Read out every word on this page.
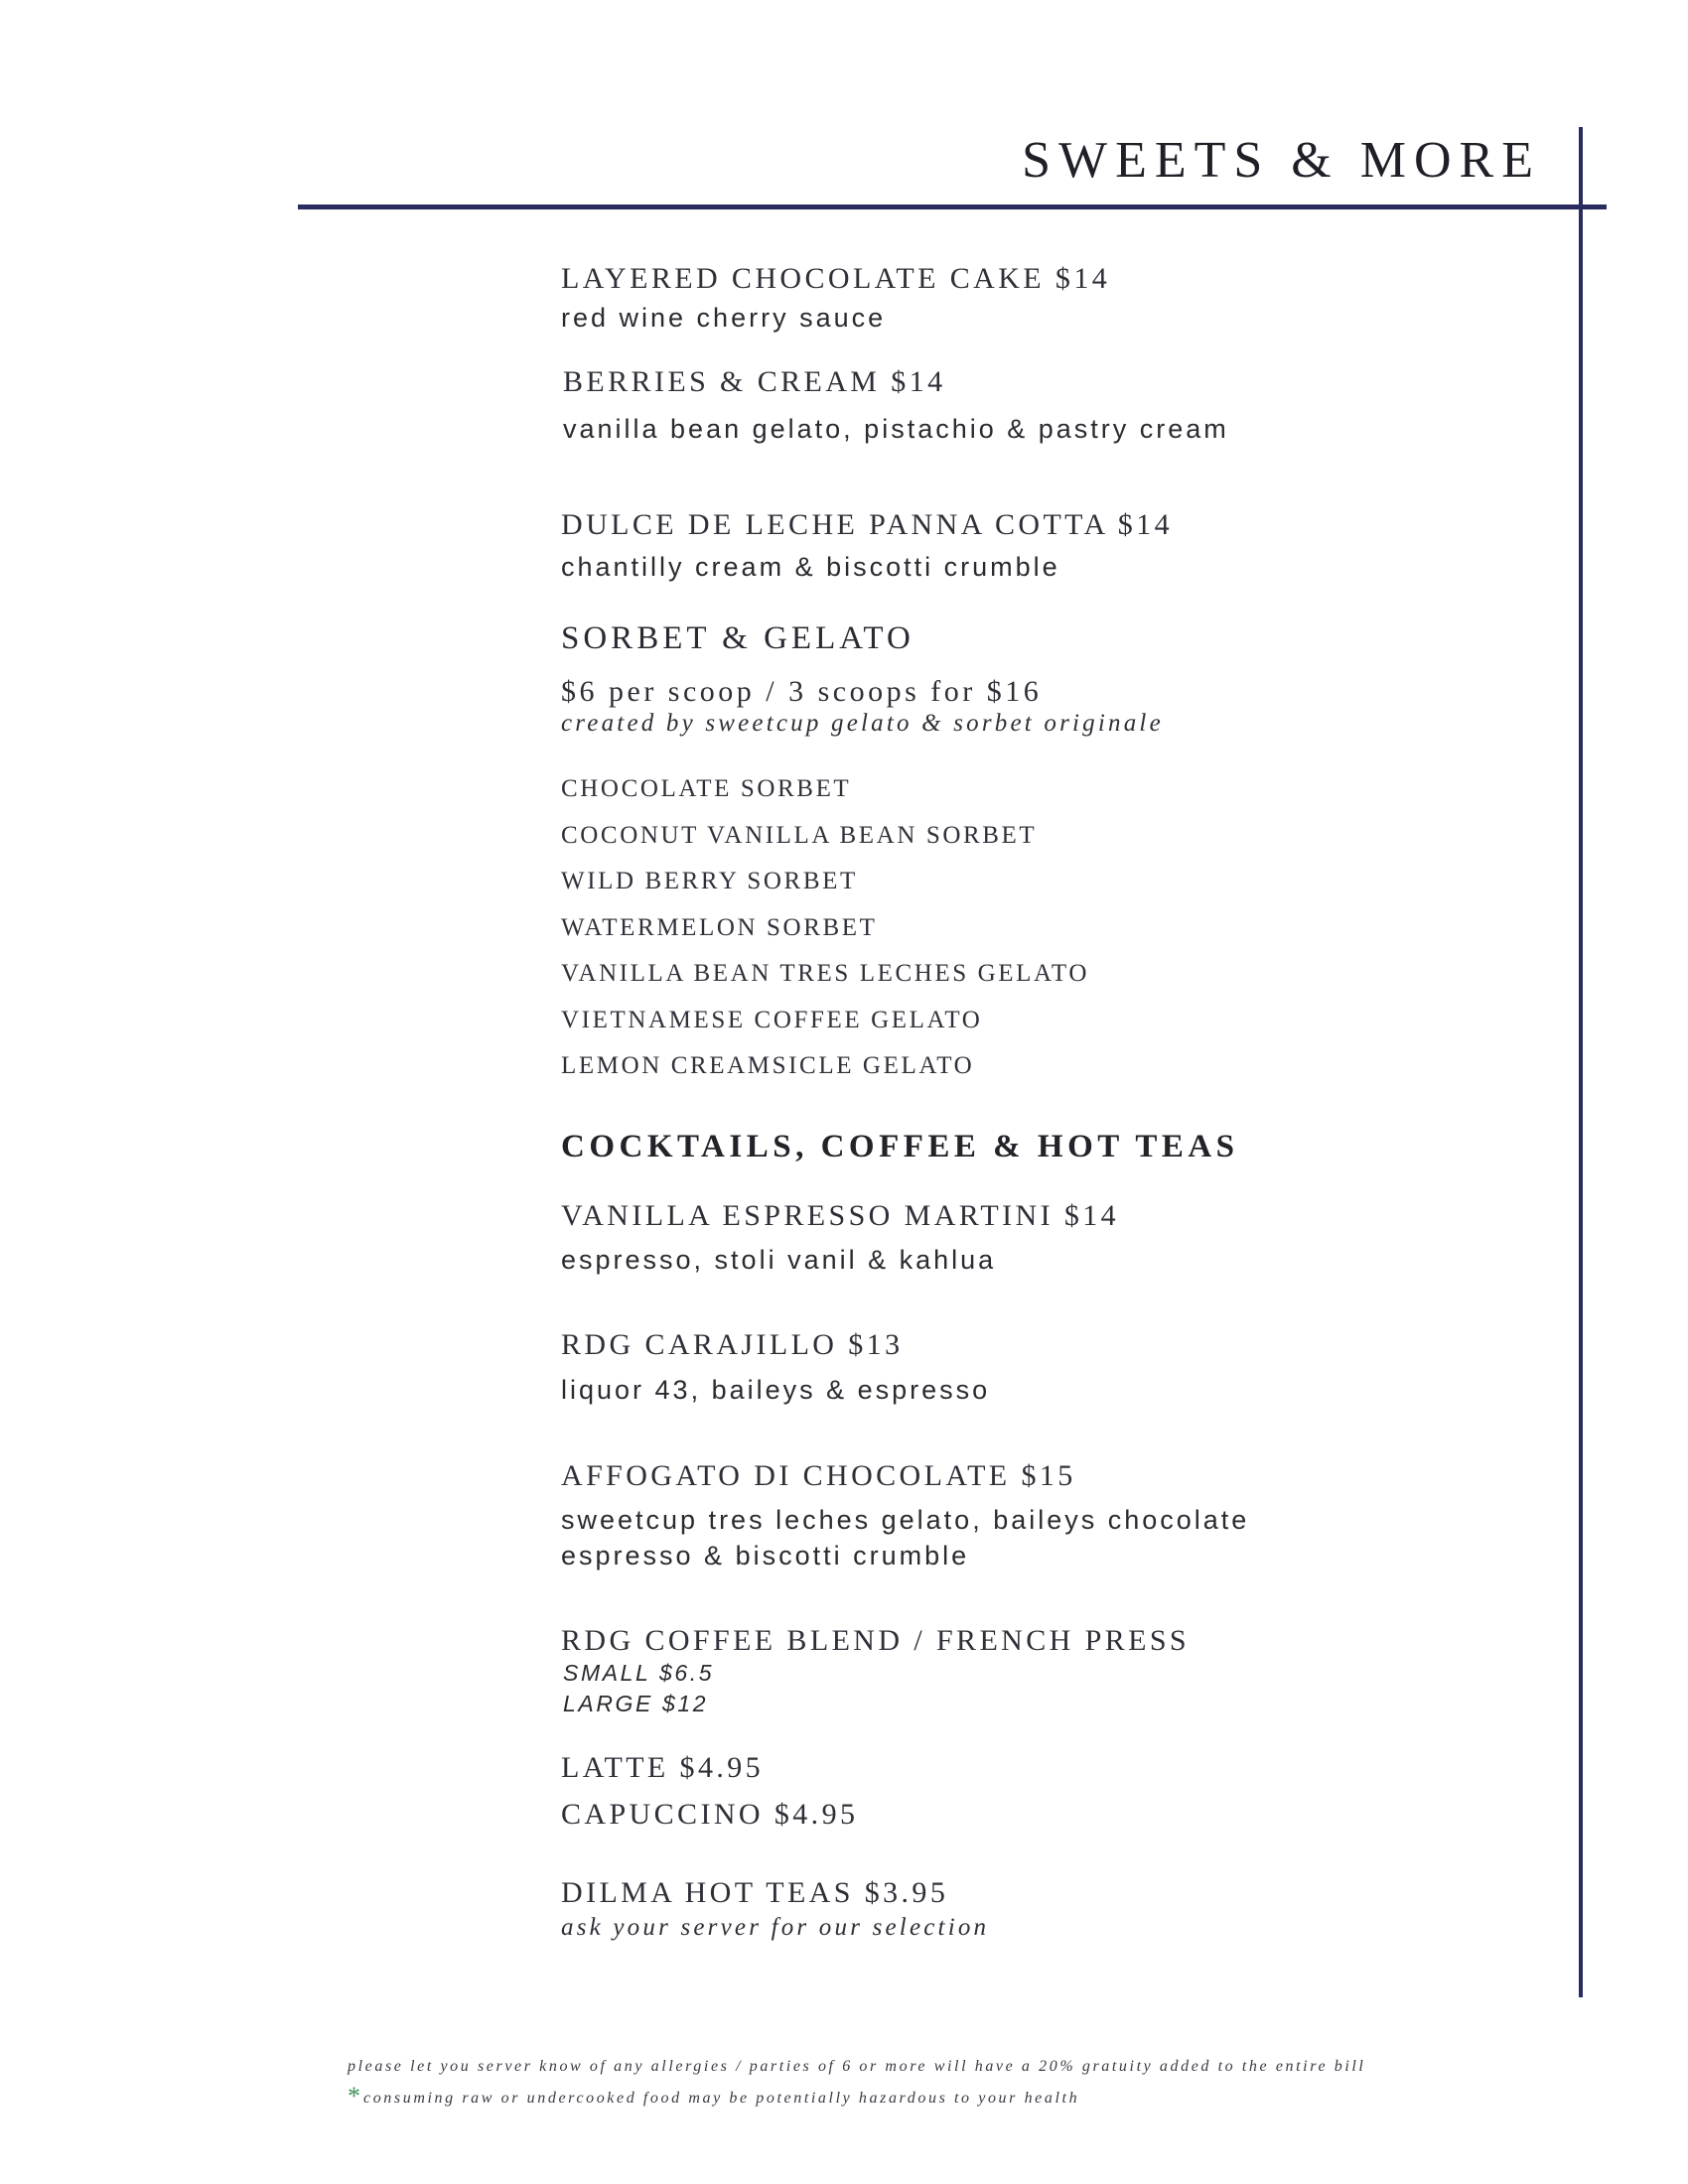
SWEETS & MORE
LAYERED CHOCOLATE CAKE $14
red wine cherry sauce
BERRIES & CREAM $14
vanilla bean gelato, pistachio & pastry cream
DULCE DE LECHE PANNA COTTA $14
chantilly cream & biscotti crumble
SORBET & GELATO
$6 per scoop / 3 scoops for $16
created by sweetcup gelato & sorbet originale
CHOCOLATE SORBET
COCONUT VANILLA BEAN SORBET
WILD BERRY SORBET
WATERMELON SORBET
VANILLA BEAN TRES LECHES GELATO
VIETNAMESE COFFEE GELATO
LEMON CREAMSICLE GELATO
COCKTAILS, COFFEE & HOT TEAS
VANILLA ESPRESSO MARTINI $14
espresso, stoli vanil & kahlua
RDG CARAJILLO $13
liquor 43, baileys & espresso
AFFOGATO DI CHOCOLATE $15
sweetcup tres leches gelato, baileys chocolate
espresso & biscotti crumble
RDG COFFEE BLEND / FRENCH PRESS
SMALL $6.5
LARGE $12
LATTE $4.95
CAPUCCINO $4.95
DILMA HOT TEAS $3.95
ask your server for our selection
please let you server know of any allergies / parties of 6 or more will have a 20% gratuity added to the entire bill
* consuming raw or undercooked food may be potentially hazardous to your health
